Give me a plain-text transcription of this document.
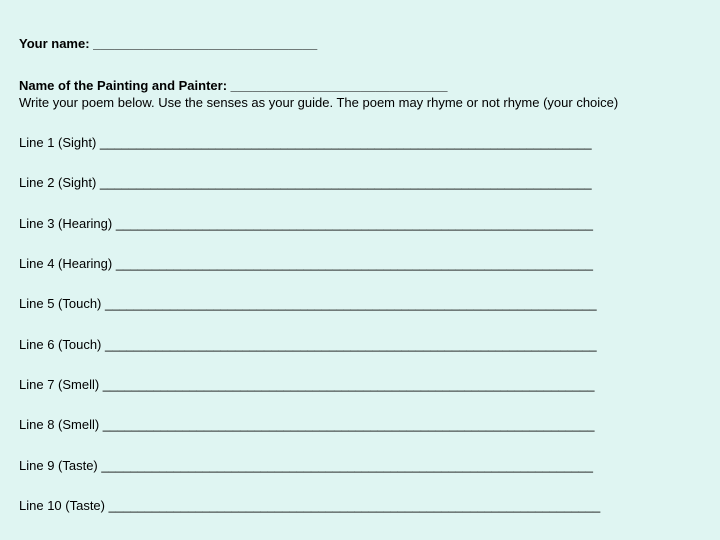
Your name: _______________________________
Name of the Painting and Painter: ______________________________
Write your poem below. Use the senses as your guide. The poem may rhyme or not rhyme (your choice)
Line 1 (Sight) ____________________________________________________________________
Line 2 (Sight) ____________________________________________________________________
Line 3 (Hearing) __________________________________________________________________
Line 4 (Hearing) __________________________________________________________________
Line 5 (Touch) ____________________________________________________________________
Line 6 (Touch) ____________________________________________________________________
Line 7 (Smell) ____________________________________________________________________
Line 8 (Smell) ____________________________________________________________________
Line 9 (Taste) ____________________________________________________________________
Line 10 (Taste) ____________________________________________________________________
